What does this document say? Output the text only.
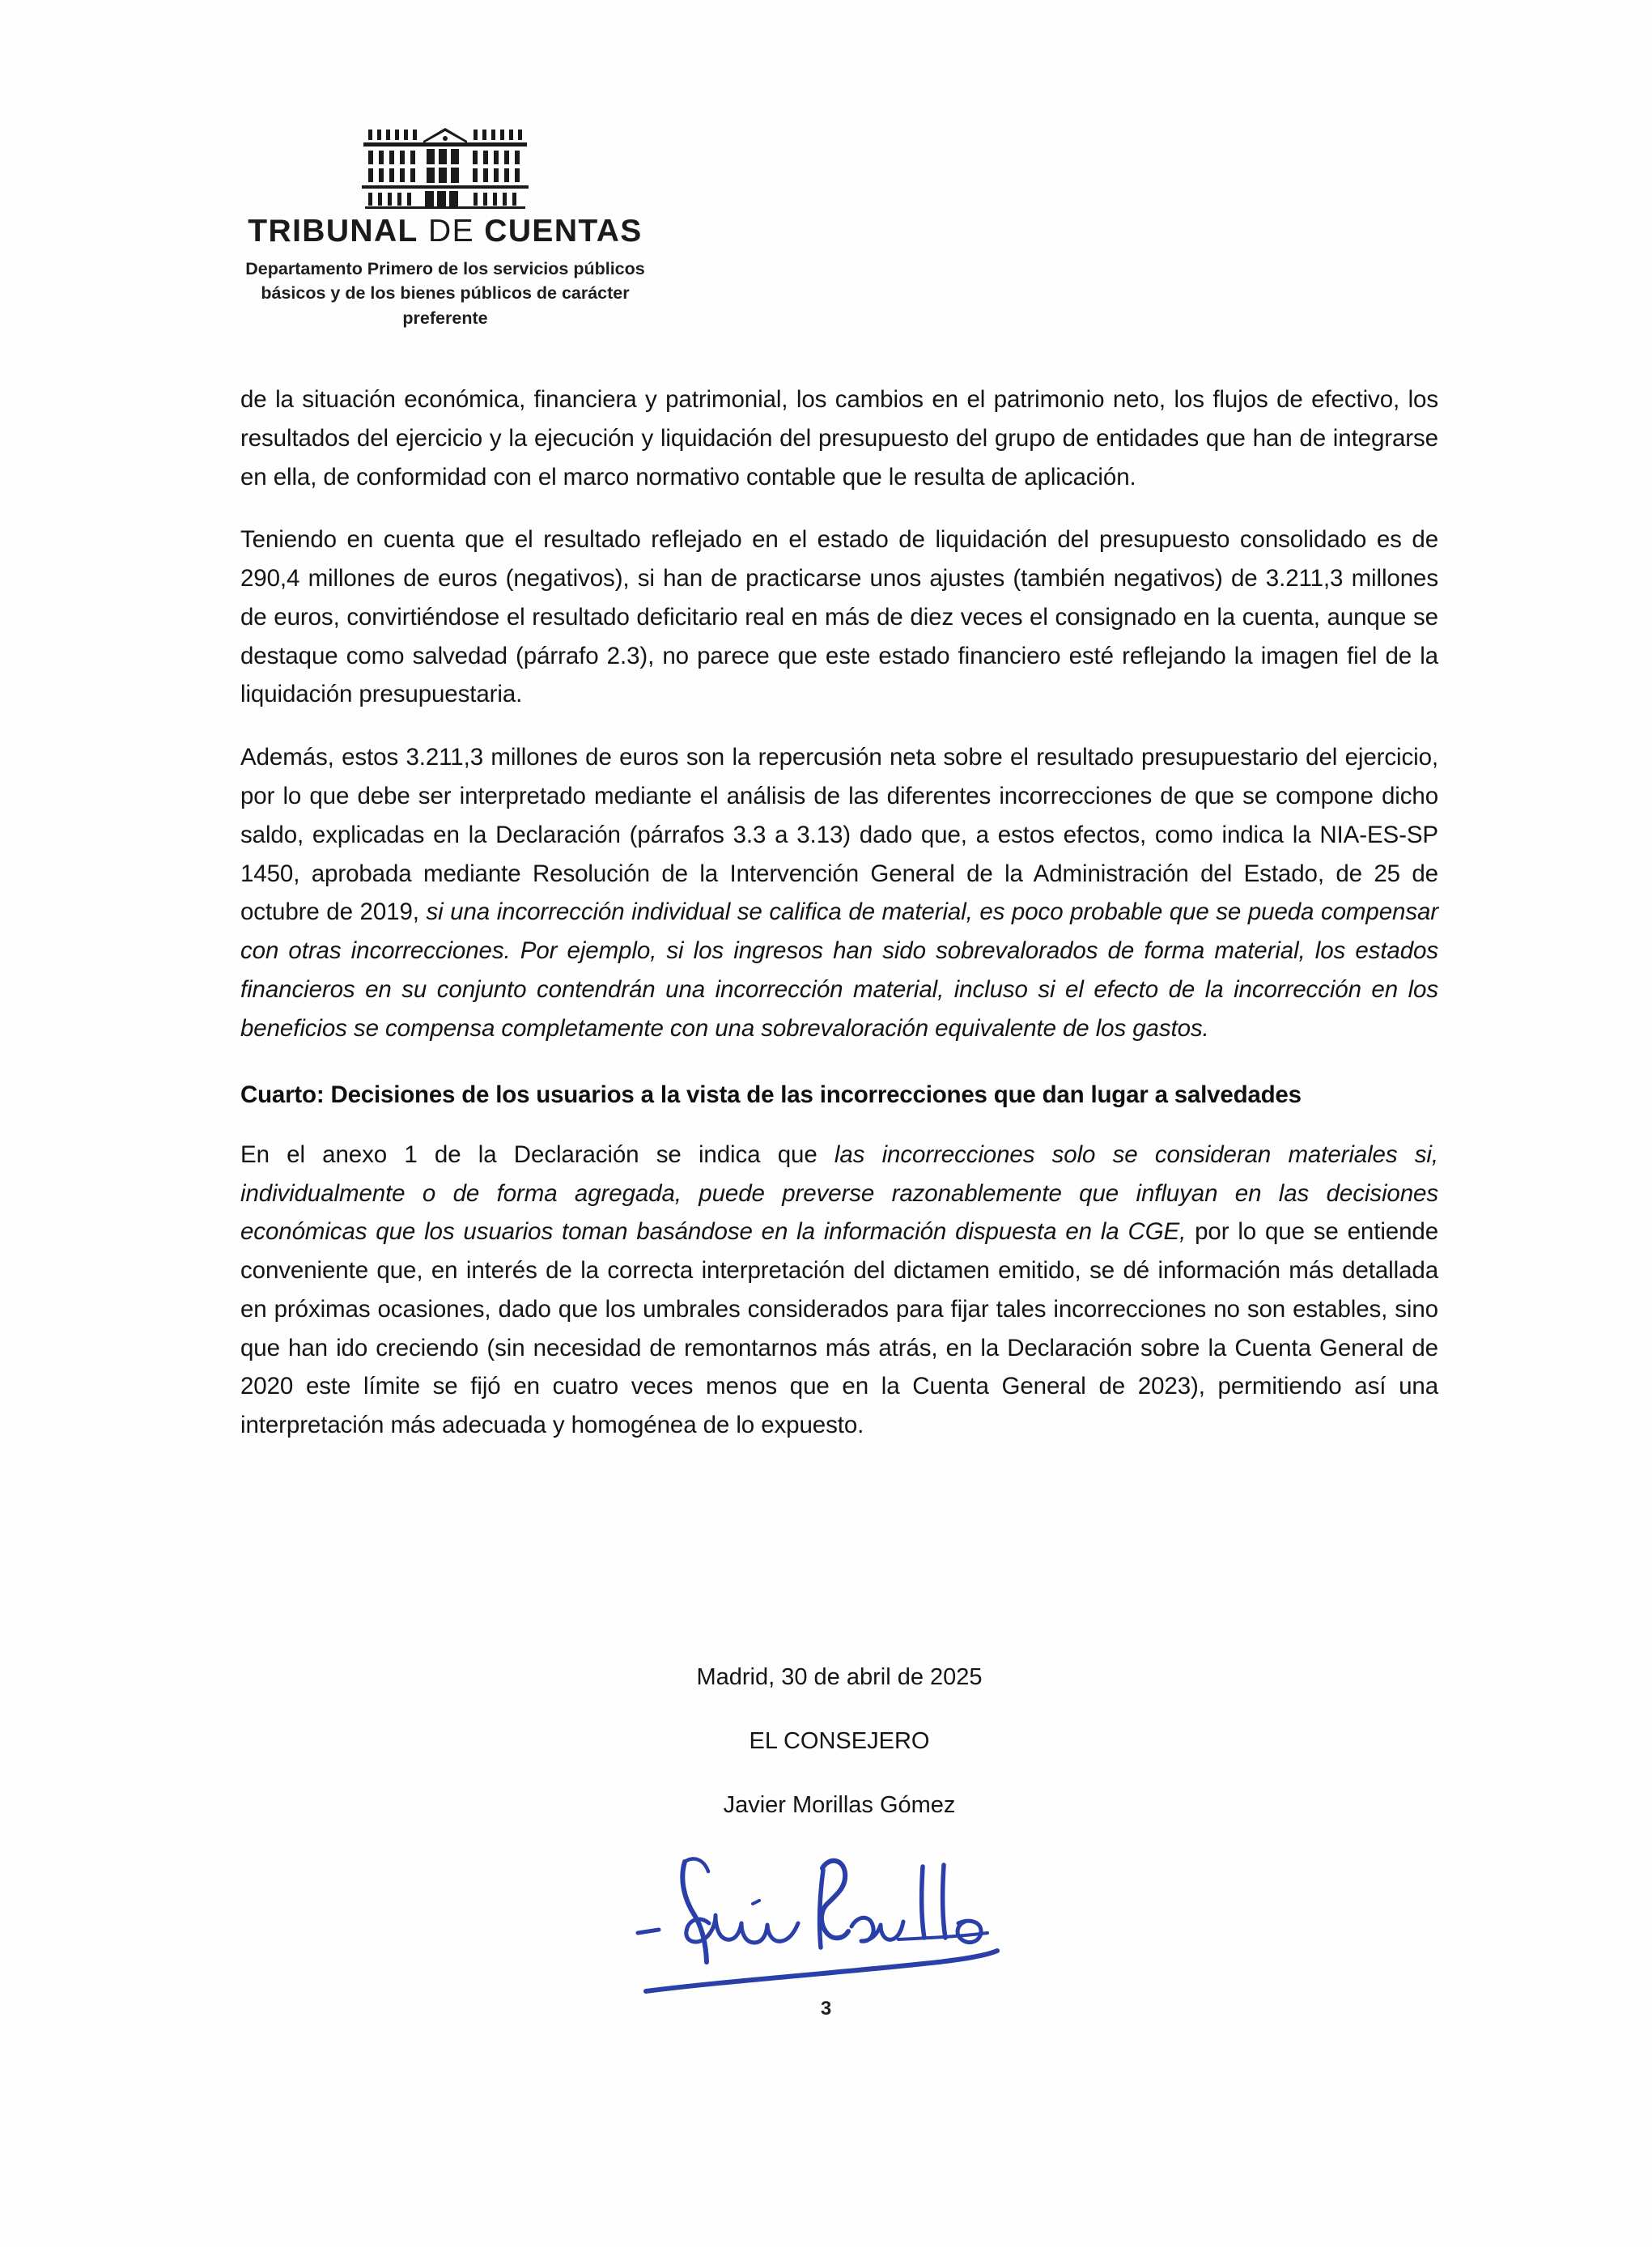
TRIBUNAL DE CUENTAS
Departamento Primero de los servicios públicos
básicos y de los bienes públicos de carácter
preferente

de la situación económica, financiera y patrimonial, los cambios en el patrimonio neto, los flujos de efectivo, los resultados del ejercicio y la ejecución y liquidación del presupuesto del grupo de entidades que han de integrarse en ella, de conformidad con el marco normativo contable que le resulta de aplicación.

Teniendo en cuenta que el resultado reflejado en el estado de liquidación del presupuesto consolidado es de 290,4 millones de euros (negativos), si han de practicarse unos ajustes (también negativos) de 3.211,3 millones de euros, convirtiéndose el resultado deficitario real en más de diez veces el consignado en la cuenta, aunque se destaque como salvedad (párrafo 2.3), no parece que este estado financiero esté reflejando la imagen fiel de la liquidación presupuestaria.

Además, estos 3.211,3 millones de euros son la repercusión neta sobre el resultado presupuestario del ejercicio, por lo que debe ser interpretado mediante el análisis de las diferentes incorrecciones de que se compone dicho saldo, explicadas en la Declaración (párrafos 3.3 a 3.13) dado que, a estos efectos, como indica la NIA-ES-SP 1450, aprobada mediante Resolución de la Intervención General de la Administración del Estado, de 25 de octubre de 2019, si una incorrección individual se califica de material, es poco probable que se pueda compensar con otras incorrecciones. Por ejemplo, si los ingresos han sido sobrevalorados de forma material, los estados financieros en su conjunto contendrán una incorrección material, incluso si el efecto de la incorrección en los beneficios se compensa completamente con una sobrevaloración equivalente de los gastos.

Cuarto: Decisiones de los usuarios a la vista de las incorrecciones que dan lugar a salvedades

En el anexo 1 de la Declaración se indica que las incorrecciones solo se consideran materiales si, individualmente o de forma agregada, puede preverse razonablemente que influyan en las decisiones económicas que los usuarios toman basándose en la información dispuesta en la CGE, por lo que se entiende conveniente que, en interés de la correcta interpretación del dictamen emitido, se dé información más detallada en próximas ocasiones, dado que los umbrales considerados para fijar tales incorrecciones no son estables, sino que han ido creciendo (sin necesidad de remontarnos más atrás, en la Declaración sobre la Cuenta General de 2020 este límite se fijó en cuatro veces menos que en la Cuenta General de 2023), permitiendo así una interpretación más adecuada y homogénea de lo expuesto.

Madrid, 30 de abril de 2025
EL CONSEJERO
Javier Morillas Gómez
3
